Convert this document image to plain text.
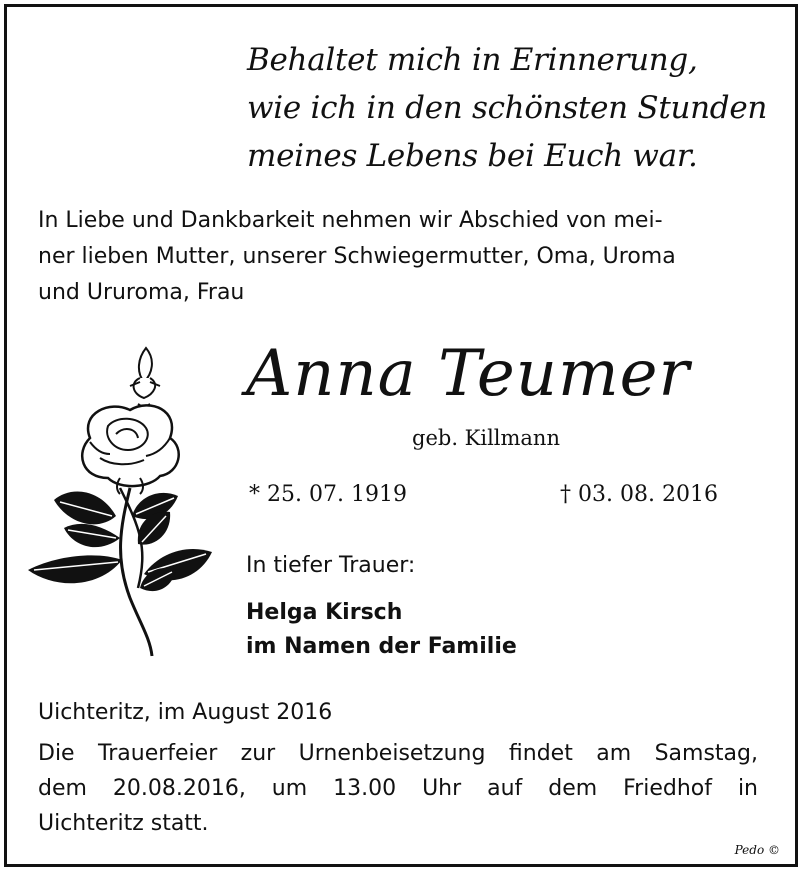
Behaltet mich in Erinnerung,
wie ich in den schönsten Stunden
meines Lebens bei Euch war.
In Liebe und Dankbarkeit nehmen wir Abschied von mei-
ner lieben Mutter, unserer Schwiegermutter, Oma, Uroma
und Ururoma, Frau
Anna Teumer
geb. Killmann
* 25. 07. 1919	† 03. 08. 2016
In tiefer Trauer:
Helga Kirsch
im Namen der Familie
Uichteritz, im August 2016
Die Trauerfeier zur Urnenbeisetzung findet am Samstag,
dem 20.08.2016, um 13.00 Uhr auf dem Friedhof in
Uichteritz statt.
Pedo ©
